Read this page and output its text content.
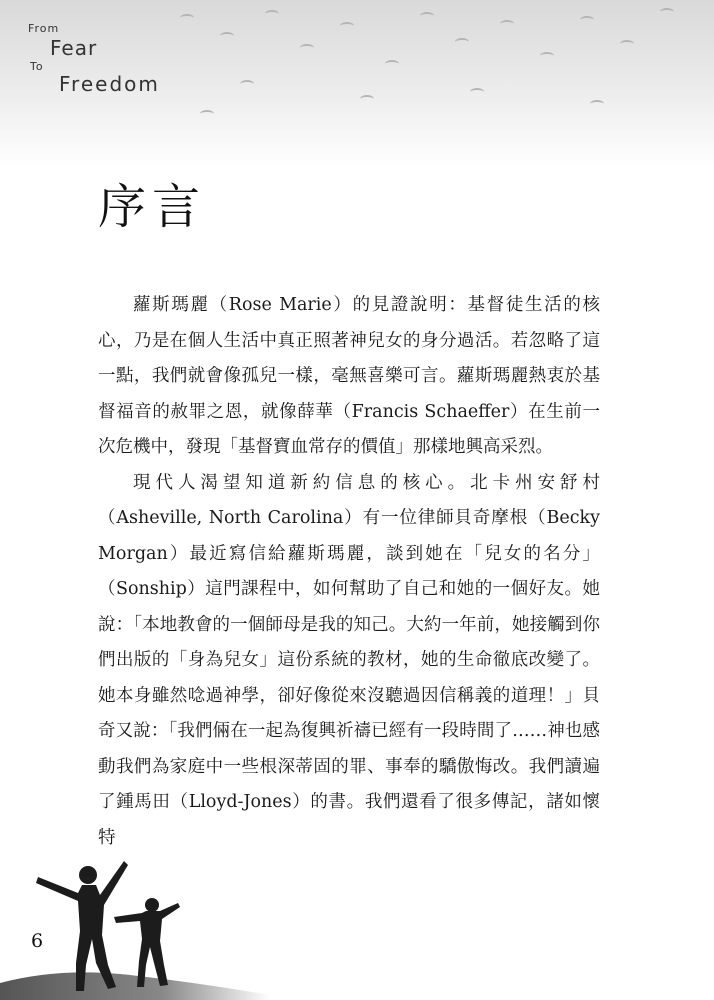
From
Fear
To
Freedom
序言

蘿斯瑪麗（Rose Marie）的見證說明：基督徒生活的核心，乃是在個人生活中真正照著神兒女的身分過活。若忽略了這一點，我們就會像孤兒一樣，毫無喜樂可言。蘿斯瑪麗熱衷於基督福音的赦罪之恩，就像薛華（Francis Schaeffer）在生前一次危機中，發現「基督寶血常存的價值」那樣地興高采烈。

現代人渴望知道新約信息的核心。北卡州安舒村（Asheville, North Carolina）有一位律師貝奇摩根（Becky Morgan）最近寫信給蘿斯瑪麗，談到她在「兒女的名分」（Sonship）這門課程中，如何幫助了自己和她的一個好友。她說：「本地教會的一個師母是我的知己。大約一年前，她接觸到你們出版的「身為兒女」這份系統的教材，她的生命徹底改變了。她本身雖然唸過神學，卻好像從來沒聽過因信稱義的道理！」貝奇又說：「我們倆在一起為復興祈禱已經有一段時間了……神也感動我們為家庭中一些根深蒂固的罪、事奉的驕傲悔改。我們讀遍了鍾馬田（Lloyd-Jones）的書。我們還看了很多傳記，諸如懷特

6
